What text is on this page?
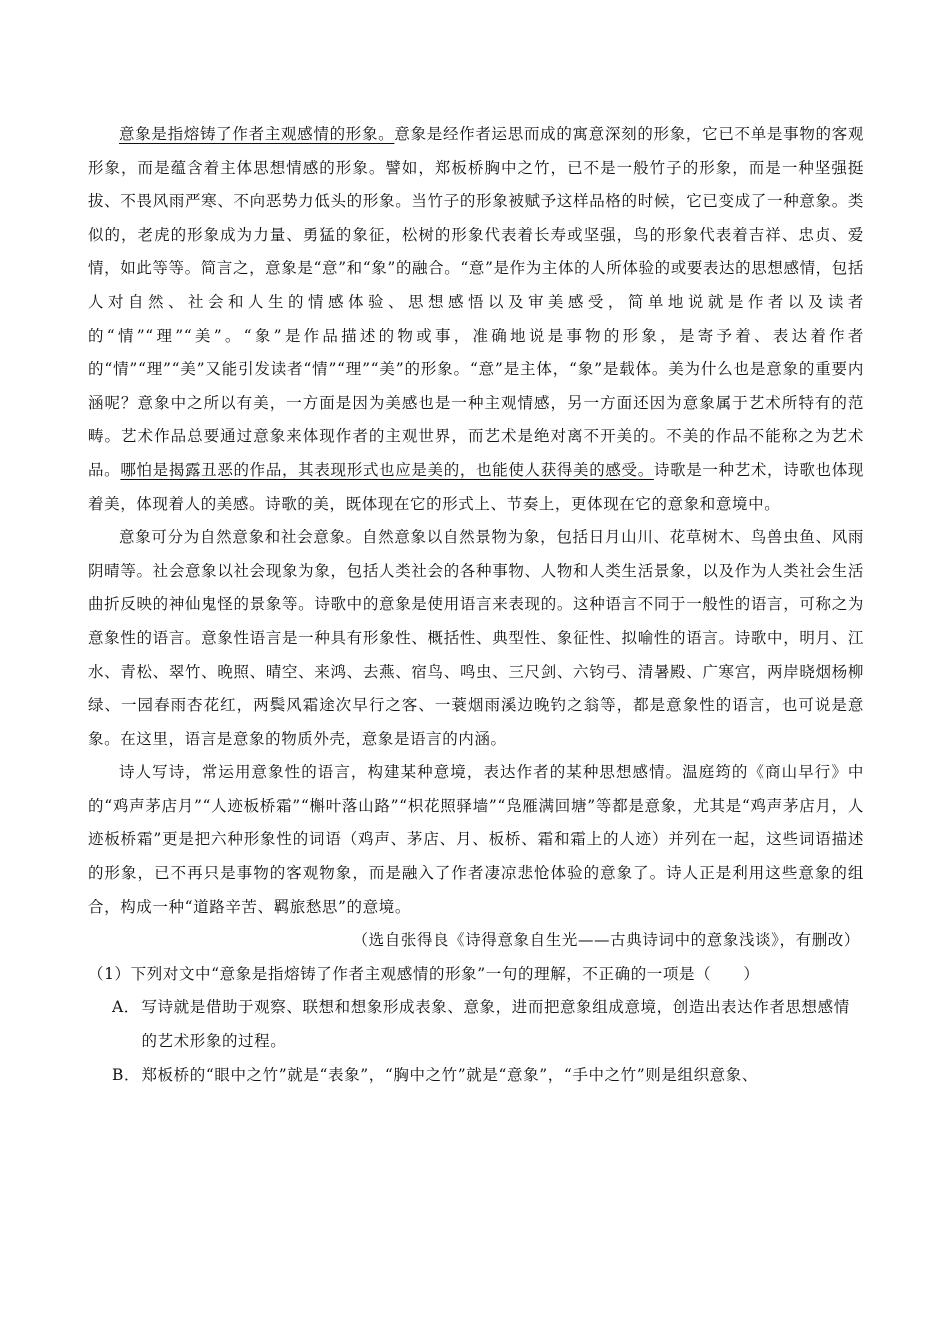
意象是指熔铸了作者主观感情的形象。意象是经作者运思而成的寓意深刻的形象，它已不单是事物的客观形象，而是蕴含着主体思想情感的形象。譬如，郑板桥胸中之竹，已不是一般竹子的形象，而是一种坚强挺拔、不畏风雨严寒、不向恶势力低头的形象。当竹子的形象被赋予这样品格的时候，它已变成了一种意象。类似的，老虎的形象成为力量、勇猛的象征，松树的形象代表着长寿或坚强，鸟的形象代表着吉祥、忠贞、爱情，如此等等。简言之，意象是“意”和“象”的融合。“意”是作为主体的人所体验的或要表达的思想感情，包括人对自然、社会和人生的情感体验、思想感悟以及审美感受，简单地说就是作者以及读者的“情”“理”“美”。“象”是作品描述的物或事，准确地说是事物的形象，是寄予着、表达着作者的“情”“理”“美”又能引发读者“情”“理”“美”的形象。“意”是主体，“象”是载体。美为什么也是意象的重要内涵呢？意象中之所以有美，一方面是因为美感也是一种主观情感，另一方面还因为意象属于艺术所特有的范畴。艺术作品总要通过意象来体现作者的主观世界，而艺术是绝对离不开美的。不美的作品不能称之为艺术品。哪怕是揭露丑恶的作品，其表现形式也应是美的，也能使人获得美的感受。诗歌是一种艺术，诗歌也体现着美，体现着人的美感。诗歌的美，既体现在它的形式上、节奏上，更体现在它的意象和意境中。

意象可分为自然意象和社会意象。自然意象以自然景物为象，包括日月山川、花草树木、鸟兽虫鱼、风雨阴晴等。社会意象以社会现象为象，包括人类社会的各种事物、人物和人类生活景象，以及作为人类社会生活曲折反映的神仙鬼怪的景象等。诗歌中的意象是使用语言来表现的。这种语言不同于一般性的语言，可称之为意象性的语言。意象性语言是一种具有形象性、概括性、典型性、象征性、拟喻性的语言。诗歌中，明月、江水、青松、翠竹、晚照、晴空、来鸿、去燕、宿鸟、鸣虫、三尺剑、六钧弓、清暑殿、广寒宫，两岸晓烟杨柳绿、一园春雨杏花红，两鬓风霜途次早行之客、一蓑烟雨溪边晚钓之翁等，都是意象性的语言，也可说是意象。在这里，语言是意象的物质外壳，意象是语言的内涵。

诗人写诗，常运用意象性的语言，构建某种意境，表达作者的某种思想感情。温庭筠的《商山早行》中的“鸡声茅店月”“人迹板桥霜”“槲叶落山路”“枳花照驿墙”“凫雁满回塘”等都是意象，尤其是“鸡声茅店月，人迹板桥霜”更是把六种形象性的词语（鸡声、茅店、月、板桥、霜和霜上的人迹）并列在一起，这些词语描述的形象，已不再只是事物的客观物象，而是融入了作者凄凉悲怆体验的意象了。诗人正是利用这些意象的组合，构成一种“道路辛苦、羁旅愁思”的意境。

（选自张得良《诗得意象自生光——古典诗词中的意象浅谈》，有删改）

（1）下列对文中“意象是指熔铸了作者主观感情的形象”一句的理解，不正确的一项是（　　）

A．写诗就是借助于观察、联想和想象形成表象、意象，进而把意象组成意境，创造出表达作者思想感情的艺术形象的过程。

B．郑板桥的“眼中之竹”就是“表象”，“胸中之竹”就是“意象”，“手中之竹”则是组织意象、
